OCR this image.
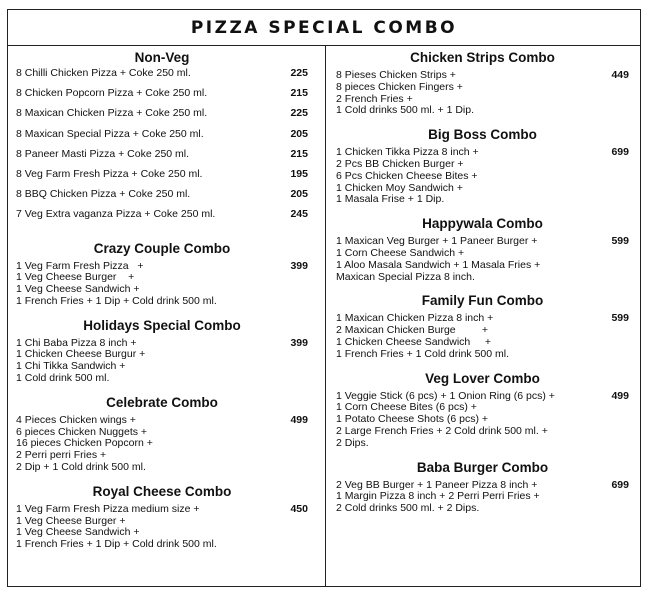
PIZZA SPECIAL COMBO
Non-Veg
8 Chilli Chicken Pizza + Coke 250 ml.	225
8 Chicken Popcorn Pizza + Coke 250 ml.	215
8 Maxican Chicken Pizza + Coke 250 ml.	225
8 Maxican Special Pizza + Coke 250 ml.	205
8 Paneer Masti Pizza + Coke 250 ml.	215
8 Veg Farm Fresh Pizza + Coke 250 ml.	195
8 BBQ Chicken Pizza + Coke 250 ml.	205
7 Veg Extra vaganza Pizza + Coke 250 ml.	245
Crazy Couple Combo
1 Veg Farm Fresh Pizza   +
1 Veg Cheese Burger    +
1 Veg Cheese Sandwich +
1 French Fries + 1 Dip + Cold drink 500 ml.
399
Holidays Special Combo
1 Chi Baba Pizza 8 inch +
1 Chicken Cheese Burgur +
1 Chi Tikka Sandwich +
1 Cold drink 500 ml.
399
Celebrate Combo
4 Pieces Chicken wings +
6 pieces Chicken Nuggets +
16 pieces Chicken Popcorn +
2 Perri perri Fries +
2 Dip + 1 Cold drink 500 ml.
499
Royal Cheese Combo
1 Veg Farm Fresh Pizza medium size +
1 Veg Cheese Burger +
1 Veg Cheese Sandwich +
1 French Fries + 1 Dip + Cold drink 500 ml.
450
Chicken Strips Combo
8 Pieses Chicken Strips +
8 pieces Chicken Fingers +
2 French Fries +
1 Cold drinks 500 ml. + 1 Dip.
449
Big Boss Combo
1 Chicken Tikka Pizza 8 inch +
2 Pcs BB Chicken Burger +
6 Pcs Chicken Cheese Bites +
1 Chicken Moy Sandwich +
1 Masala Frise + 1 Dip.
699
Happywala Combo
1 Maxican Veg Burger + 1 Paneer Burger +
1 Corn Cheese Sandwich +
1 Aloo Masala Sandwich + 1 Masala Fries +
Maxican Special Pizza 8 inch.
599
Family Fun Combo
1 Maxican Chicken Pizza 8 inch +
2 Maxican Chicken Burge         +
1 Chicken Cheese Sandwich     +
1 French Fries + 1 Cold drink 500 ml.
599
Veg Lover Combo
1 Veggie Stick (6 pcs) + 1 Onion Ring (6 pcs) +
1 Corn Cheese Bites (6 pcs) +
1 Potato Cheese Shots (6 pcs) +
2 Large French Fries + 2 Cold drink 500 ml. +
2 Dips.
499
Baba Burger Combo
2 Veg BB Burger + 1 Paneer Pizza 8 inch +
1 Margin Pizza 8 inch + 2 Perri Perri Fries +
2 Cold drinks 500 ml. + 2 Dips.
699
